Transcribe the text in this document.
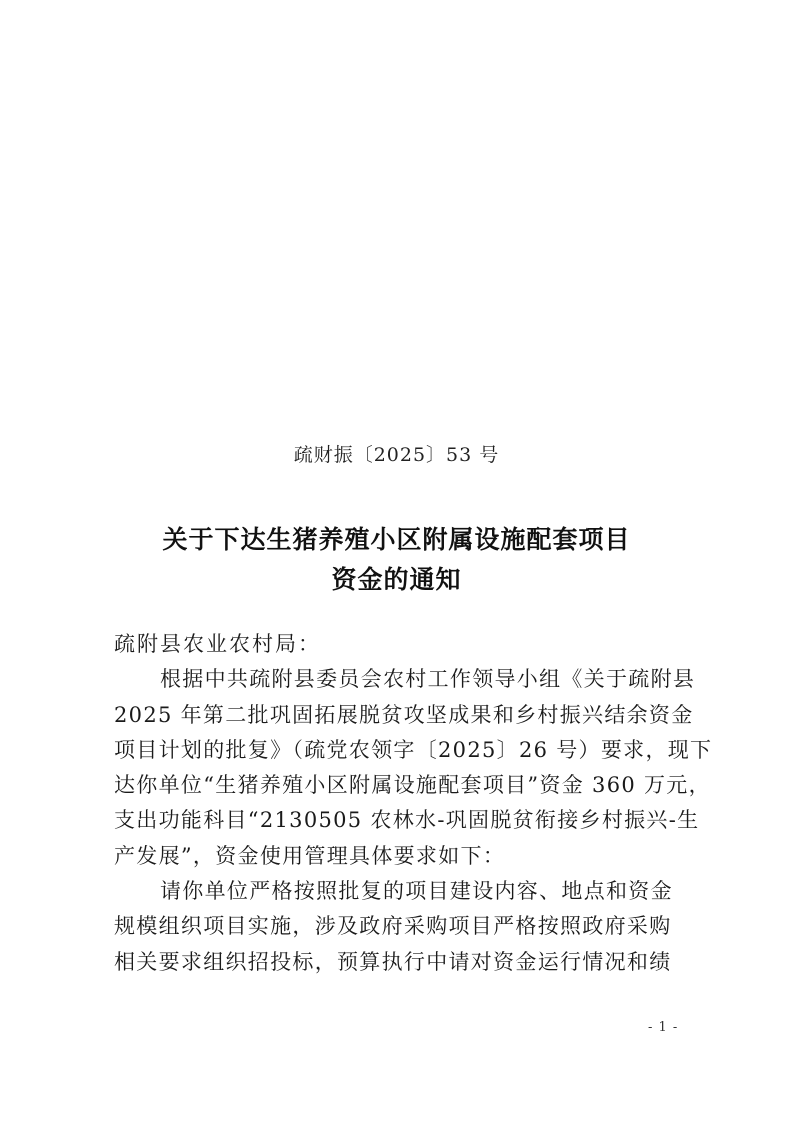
疏财振〔2025〕53 号
关于下达生猪养殖小区附属设施配套项目
资金的通知
疏附县农业农村局：
根据中共疏附县委员会农村工作领导小组《关于疏附县
2025 年第二批巩固拓展脱贫攻坚成果和乡村振兴结余资金
项目计划的批复》（疏党农领字〔2025〕26 号）要求，现下
达你单位“生猪养殖小区附属设施配套项目”资金 360 万元，
支出功能科目“2130505 农林水-巩固脱贫衔接乡村振兴-生
产发展”，资金使用管理具体要求如下：
请你单位严格按照批复的项目建设内容、地点和资金
规模组织项目实施，涉及政府采购项目严格按照政府采购
相关要求组织招投标，预算执行中请对资金运行情况和绩
- 1 -
